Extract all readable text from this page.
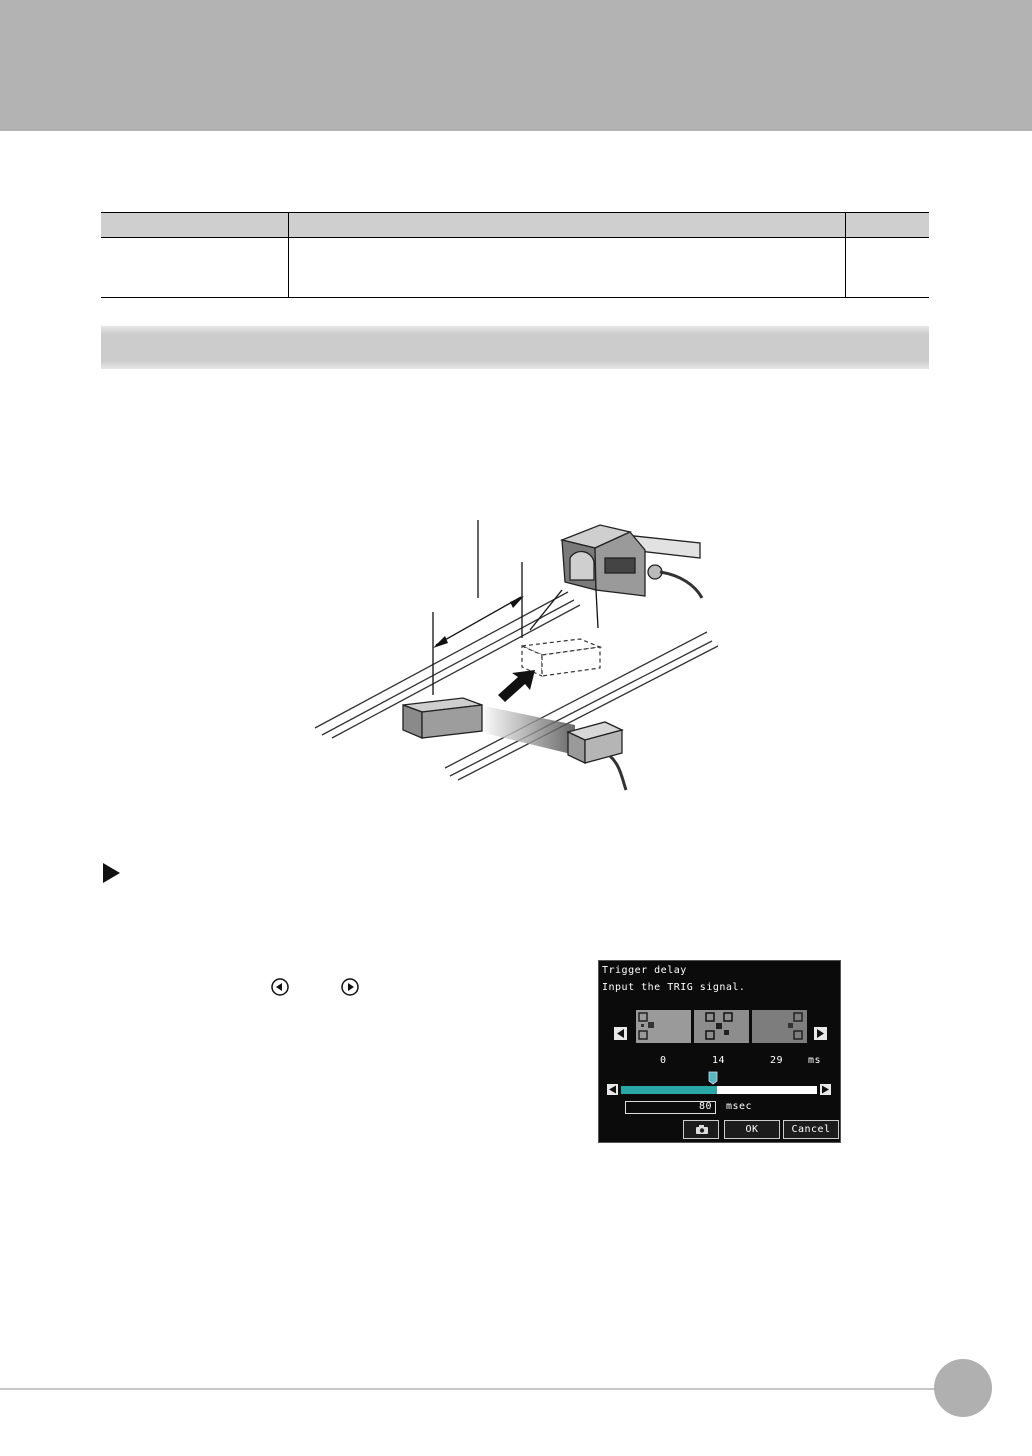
Trigger delay
Input the TRIG signal.
0	14	29 ms
80 msec
OK	Cancel
